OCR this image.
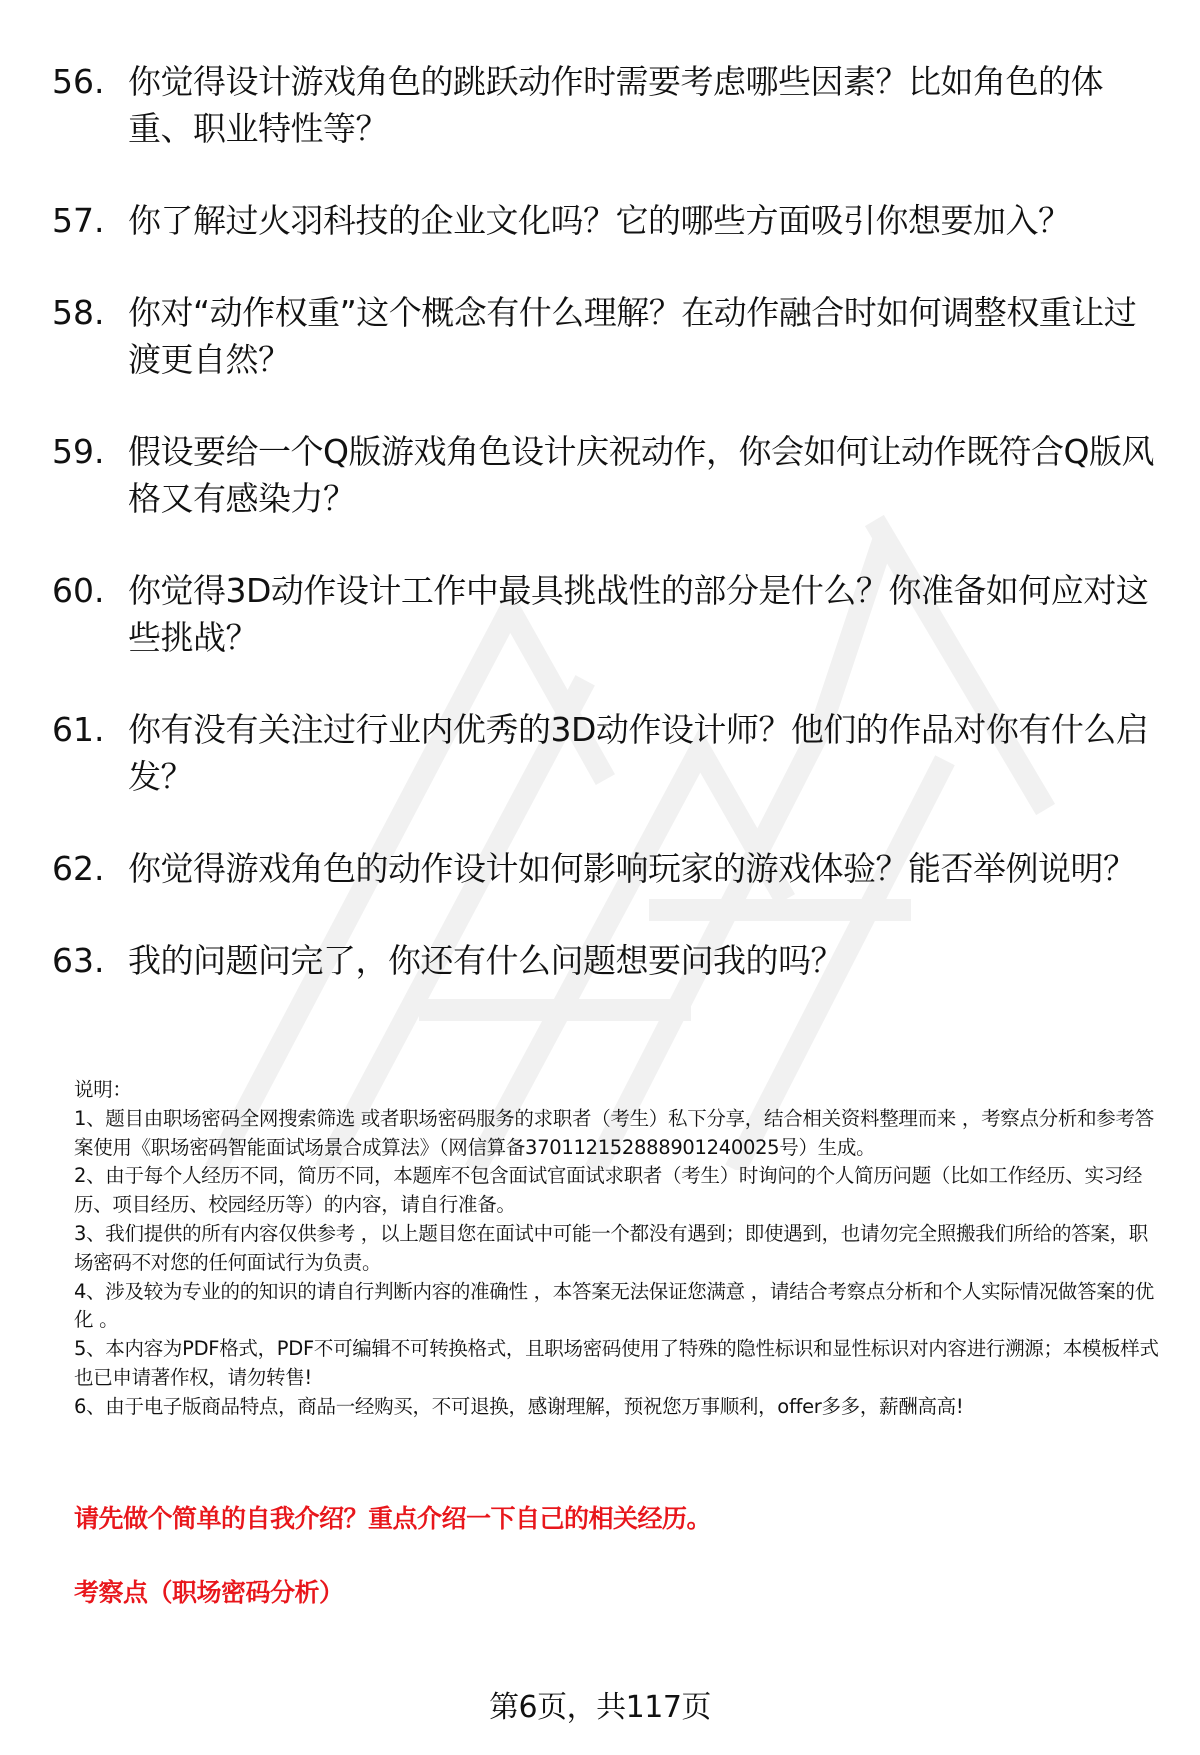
56. 你觉得设计游戏角色的跳跃动作时需要考虑哪些因素？比如角色的体重、职业特性等？
57. 你了解过火羽科技的企业文化吗？它的哪些方面吸引你想要加入？
58. 你对“动作权重”这个概念有什么理解？在动作融合时如何调整权重让过渡更自然？
59. 假设要给一个Q版游戏角色设计庆祝动作，你会如何让动作既符合Q版风格又有感染力？
60. 你觉得3D动作设计工作中最具挑战性的部分是什么？你准备如何应对这些挑战？
61. 你有没有关注过行业内优秀的3D动作设计师？他们的作品对你有什么启发？
62. 你觉得游戏角色的动作设计如何影响玩家的游戏体验？能否举例说明？
63. 我的问题问完了，你还有什么问题想要问我的吗？
说明：
1、题目由职场密码全网搜索筛选 或者职场密码服务的求职者（考生）私下分享，结合相关资料整理而来 ，考察点分析和参考答案使用《职场密码智能面试场景合成算法》（网信算备370112152888901240025号）生成。
2、由于每个人经历不同，简历不同，本题库不包含面试官面试求职者（考生）时询问的个人简历问题（比如工作经历、实习经历、项目经历、校园经历等）的内容，请自行准备。
3、我们提供的所有内容仅供参考 ，以上题目您在面试中可能一个都没有遇到；即使遇到，也请勿完全照搬我们所给的答案，职场密码不对您的任何面试行为负责。
4、涉及较为专业的的知识的请自行判断内容的准确性 ，本答案无法保证您满意 ，请结合考察点分析和个人实际情况做答案的优化 。
5、本内容为PDF格式，PDF不可编辑不可转换格式，且职场密码使用了特殊的隐性标识和显性标识对内容进行溯源；本模板样式也已申请著作权，请勿转售!
6、由于电子版商品特点，商品一经购买，不可退换，感谢理解，预祝您万事顺利，offer多多，薪酬高高!
请先做个简单的自我介绍？重点介绍一下自己的相关经历。
考察点（职场密码分析）
第6页，共117页
